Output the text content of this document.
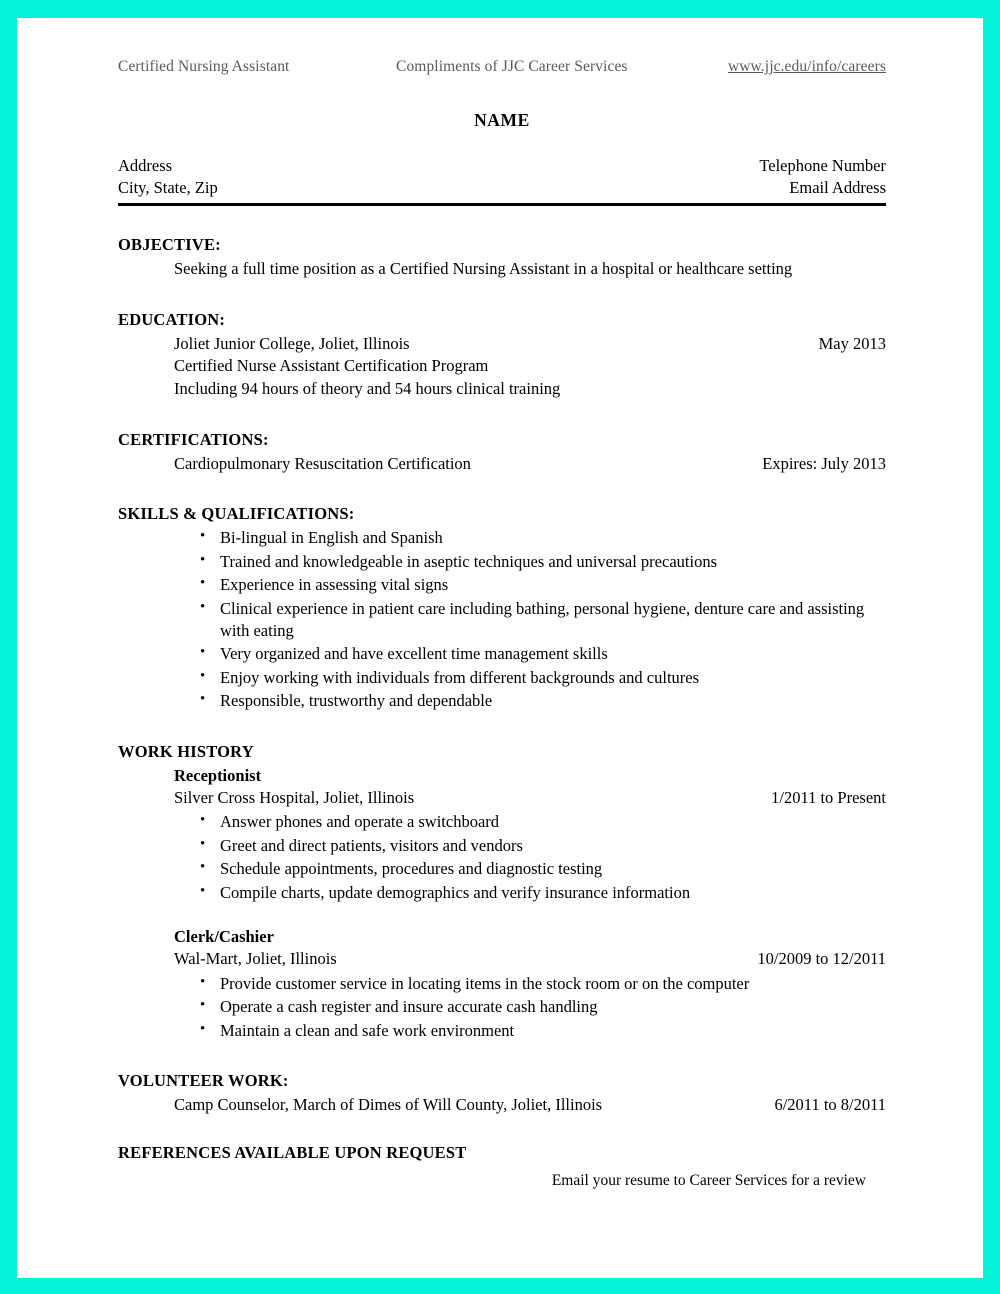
Certified Nursing Assistant	Compliments of JJC Career Services	www.jjc.edu/info/careers
NAME
Address	Telephone Number
City, State, Zip	Email Address
OBJECTIVE:
Seeking a full time position as a Certified Nursing Assistant in a hospital or healthcare setting
EDUCATION:
Joliet Junior College, Joliet, Illinois	May 2013
Certified Nurse Assistant Certification Program
Including 94 hours of theory and 54 hours clinical training
CERTIFICATIONS:
Cardiopulmonary Resuscitation Certification	Expires: July 2013
SKILLS & QUALIFICATIONS:
• Bi-lingual in English and Spanish
• Trained and knowledgeable in aseptic techniques and universal precautions
• Experience in assessing vital signs
• Clinical experience in patient care including bathing, personal hygiene, denture care and assisting with eating
• Very organized and have excellent time management skills
• Enjoy working with individuals from different backgrounds and cultures
• Responsible, trustworthy and dependable
WORK HISTORY
Receptionist
Silver Cross Hospital, Joliet, Illinois	1/2011 to Present
• Answer phones and operate a switchboard
• Greet and direct patients, visitors and vendors
• Schedule appointments, procedures and diagnostic testing
• Compile charts, update demographics and verify insurance information
Clerk/Cashier
Wal-Mart, Joliet, Illinois	10/2009 to 12/2011
• Provide customer service in locating items in the stock room or on the computer
• Operate a cash register and insure accurate cash handling
• Maintain a clean and safe work environment
VOLUNTEER WORK:
Camp Counselor, March of Dimes of Will County, Joliet, Illinois	6/2011 to 8/2011
REFERENCES AVAILABLE UPON REQUEST
Email your resume to Career Services for a review
